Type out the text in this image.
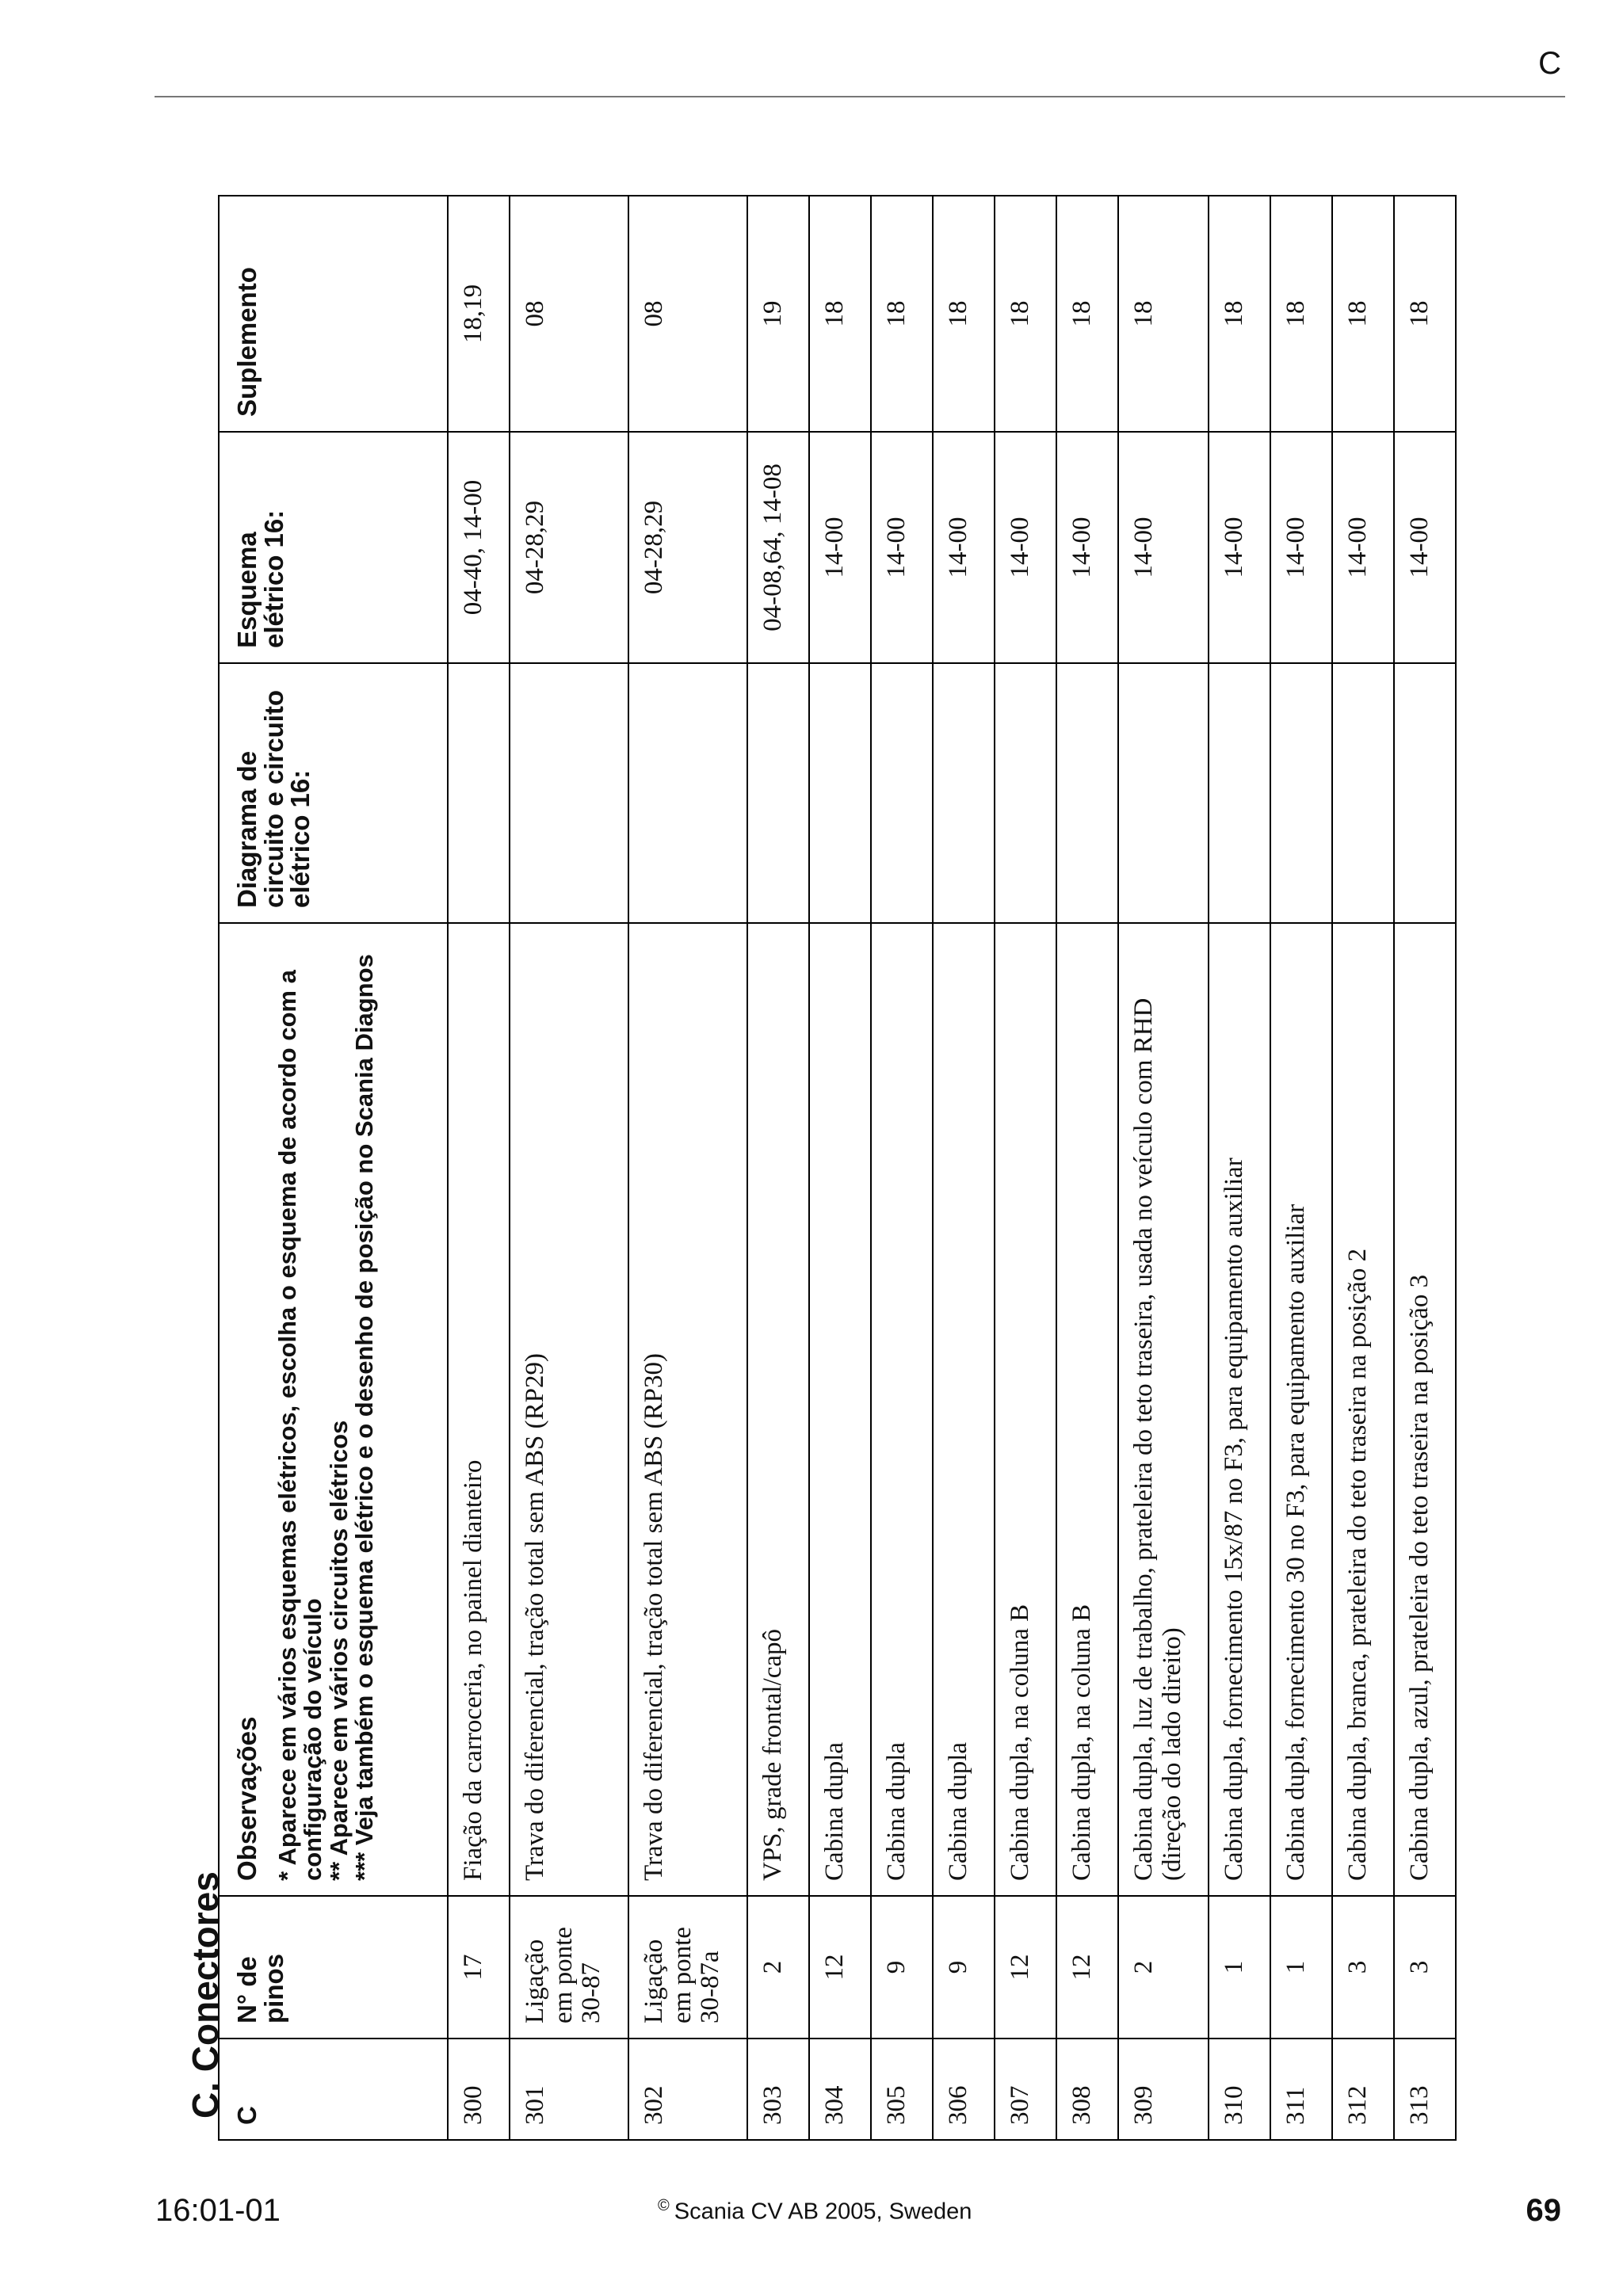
C
C. Conectores C	N° de pinos	Observações * Aparece em vários esquemas elétricos, escolha o esquema de acordo com a configuração do veículo
** Aparece em vários circuitos elétricos
*** Veja também o esquema elétrico e o desenho de posição no Scania Diagnos	Diagrama de circuito e circuito elétrico 16:	Esquema elétrico 16:	Suplemento
300	17	Fiação da carroceria, no painel dianteiro		04-40, 14-00	18,19
301	Ligação em ponte 30-87	Trava do diferencial, tração total sem ABS (RP29)		04-28,29	08
302	Ligação em ponte 30-87a	Trava do diferencial, tração total sem ABS (RP30)		04-28,29	08
303	2	VPS, grade frontal/capô		04-08,64, 14-08	19
304	12	Cabina dupla		14-00	18
305	9	Cabina dupla		14-00	18
306	9	Cabina dupla		14-00	18
307	12	Cabina dupla, na coluna B		14-00	18
308	12	Cabina dupla, na coluna B		14-00	18
309	2	Cabina dupla, luz de trabalho, prateleira do teto traseira, usada no veículo com RHD (direção do lado direito)		14-00	18
310	1	Cabina dupla, fornecimento 15x/87 no F3, para equipamento auxiliar		14-00	18
311	1	Cabina dupla, fornecimento 30 no F3, para equipamento auxiliar		14-00	18
312	3	Cabina dupla, branca, prateleira do teto traseira na posição 2		14-00	18
313	3	Cabina dupla, azul, prateleira do teto traseira na posição 3		14-00	18
16:01-01	© Scania CV AB 2005, Sweden	69
